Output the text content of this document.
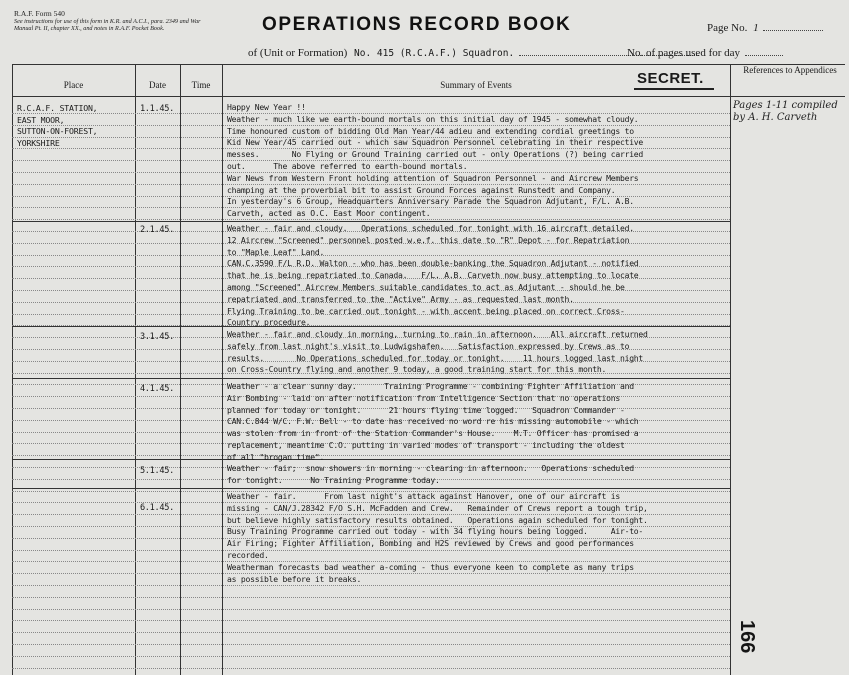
R.A.F. Form 540
See instructions for use of this form in K.R. and A.C.I., para. 2349 and War Manual Pt. II, chapter XX., and notes in R.A.F. Pocket Book.	OPERATIONS RECORD BOOK	Page No. 1
of (Unit or Formation) No. 415 (R.C.A.F.) Squadron.	No. of pages used for day
SECRET.
Place	Date	Time	Summary of Events
References to Appendices
R.C.A.F. STATION,
EAST MOOR,
SUTTON-ON-FOREST,
YORKSHIRE
1.1.45.	Happy New Year !!
Weather - much like we earth-bound mortals on this initial day of 1945 - somewhat cloudy.
Time honoured custom of bidding Old Man Year/44 adieu and extending cordial greetings to
Kid New Year/45 carried out - which saw Squadron Personnel celebrating in their respective
messes.       No Flying or Ground Training carried out - only Operations (?) being carried
out.      The above referred to earth-bound mortals.
War News from Western Front holding attention of Squadron Personnel - and Aircrew Members
champing at the proverbial bit to assist Ground Forces against Runstedt and Company.
In yesterday's 6 Group, Headquarters Anniversary Parade the Squadron Adjutant, F/L. A.B.
Carveth, acted as O.C. East Moor contingent.
2.1.45.	Weather - fair and cloudy.   Operations scheduled for tonight with 16 aircraft detailed.
12 Aircrew "Screened" personnel posted w.e.f. this date to "R" Depot - for Repatriation
to "Maple Leaf" Land.
CAN.C.3590 F/L R.D. Walton - who has been double-banking the Squadron Adjutant - notified
that he is being repatriated to Canada.   F/L. A.B. Carveth now busy attempting to locate
among "Screened" Aircrew Members suitable candidates to act as Adjutant - should he be
repatriated and transferred to the "Active" Army - as requested last month.
Flying Training to be carried out tonight - with accent being placed on correct Cross-
Country procedure.
3.1.45.	Weather - fair and cloudy in morning, turning to rain in afternoon.   All aircraft returned
safely from last night's visit to Ludwigshafen.   Satisfaction expressed by Crews as to
results.       No Operations scheduled for today or tonight.    11 hours logged last night
on Cross-Country flying and another 9 today, a good training start for this month.
4.1.45.	Weather - a clear sunny day.      Training Programme - combining Fighter Affiliation and
Air Bombing - laid on after notification from Intelligence Section that no operations
planned for today or tonight.      21 hours flying time logged.   Squadron Commander -
CAN.C.844 W/C. F.W. Bell - to date has received no word re his missing automobile - which
was stolen from in front of the Station Commander's House.    M.T. Officer has promised a
replacement, meantime C.O. putting in varied modes of transport - including the oldest
of all "brogan time".
5.1.45.	Weather - fair;  snow showers in morning - clearing in afternoon.   Operations scheduled
for tonight.      No Training Programme today.
6.1.45.
Weather - fair.      From last night's attack against Hanover, one of our aircraft is
missing - CAN/J.28342 F/O S.H. McFadden and Crew.   Remainder of Crews report a tough trip,
but believe highly satisfactory results obtained.   Operations again scheduled for tonight.
Busy Training Programme carried out today - with 34 flying hours being logged.     Air-to-
Air Firing; Fighter Affiliation, Bombing and H2S reviewed by Crews and good performances
recorded.
Weatherman forecasts bad weather a-coming - thus everyone keen to complete as many trips
as possible before it breaks.
Pages 1-11 compiled by A. H. Carveth
166
